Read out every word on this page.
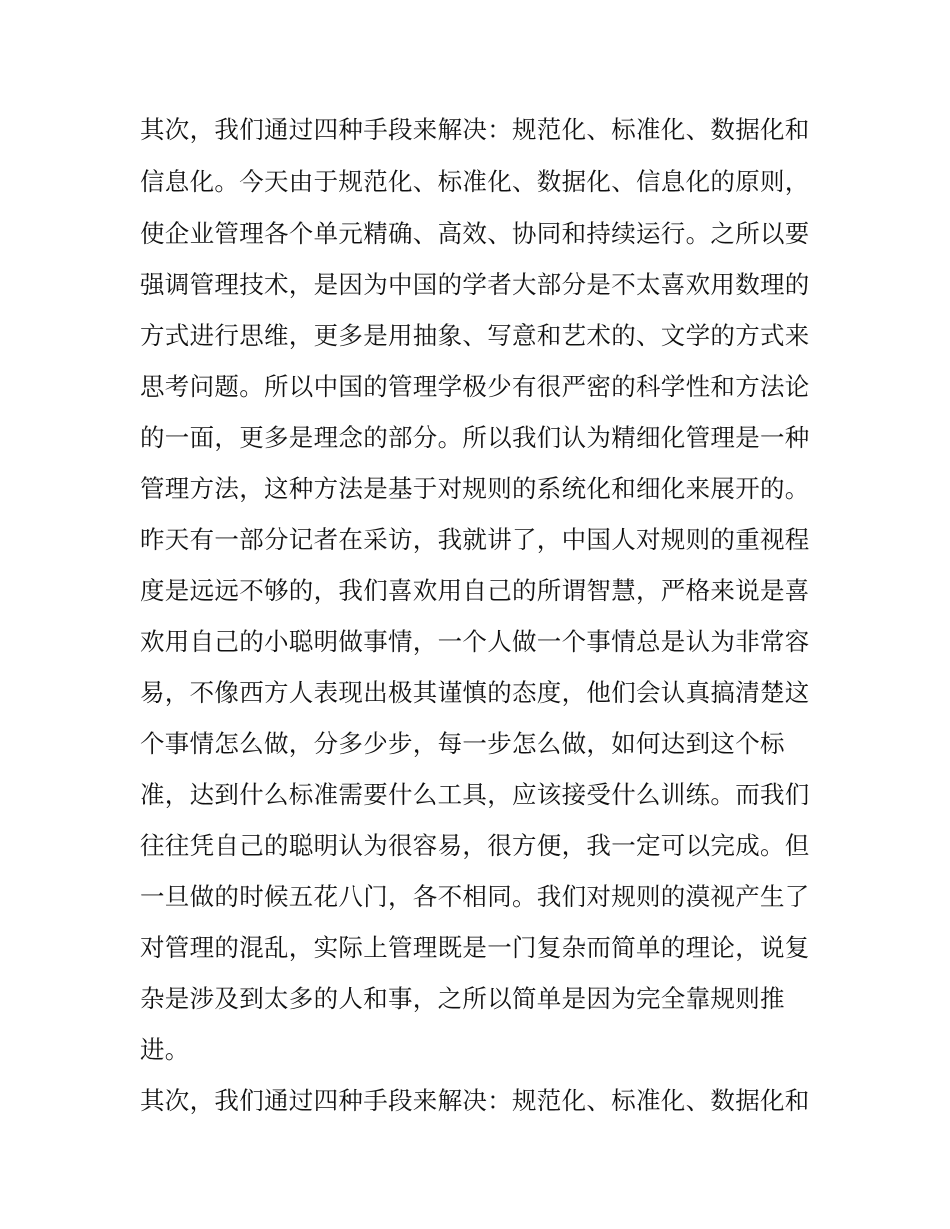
其次，我们通过四种手段来解决：规范化、标准化、数据化和
信息化。今天由于规范化、标准化、数据化、信息化的原则，
使企业管理各个单元精确、高效、协同和持续运行。之所以要
强调管理技术，是因为中国的学者大部分是不太喜欢用数理的
方式进行思维，更多是用抽象、写意和艺术的、文学的方式来
思考问题。所以中国的管理学极少有很严密的科学性和方法论
的一面，更多是理念的部分。所以我们认为精细化管理是一种
管理方法，这种方法是基于对规则的系统化和细化来展开的。
昨天有一部分记者在采访，我就讲了，中国人对规则的重视程
度是远远不够的，我们喜欢用自己的所谓智慧，严格来说是喜
欢用自己的小聪明做事情，一个人做一个事情总是认为非常容
易，不像西方人表现出极其谨慎的态度，他们会认真搞清楚这
个事情怎么做，分多少步，每一步怎么做，如何达到这个标
准，达到什么标准需要什么工具，应该接受什么训练。而我们
往往凭自己的聪明认为很容易，很方便，我一定可以完成。但
一旦做的时候五花八门，各不相同。我们对规则的漠视产生了
对管理的混乱，实际上管理既是一门复杂而简单的理论，说复
杂是涉及到太多的人和事，之所以简单是因为完全靠规则推
进。
其次，我们通过四种手段来解决：规范化、标准化、数据化和
